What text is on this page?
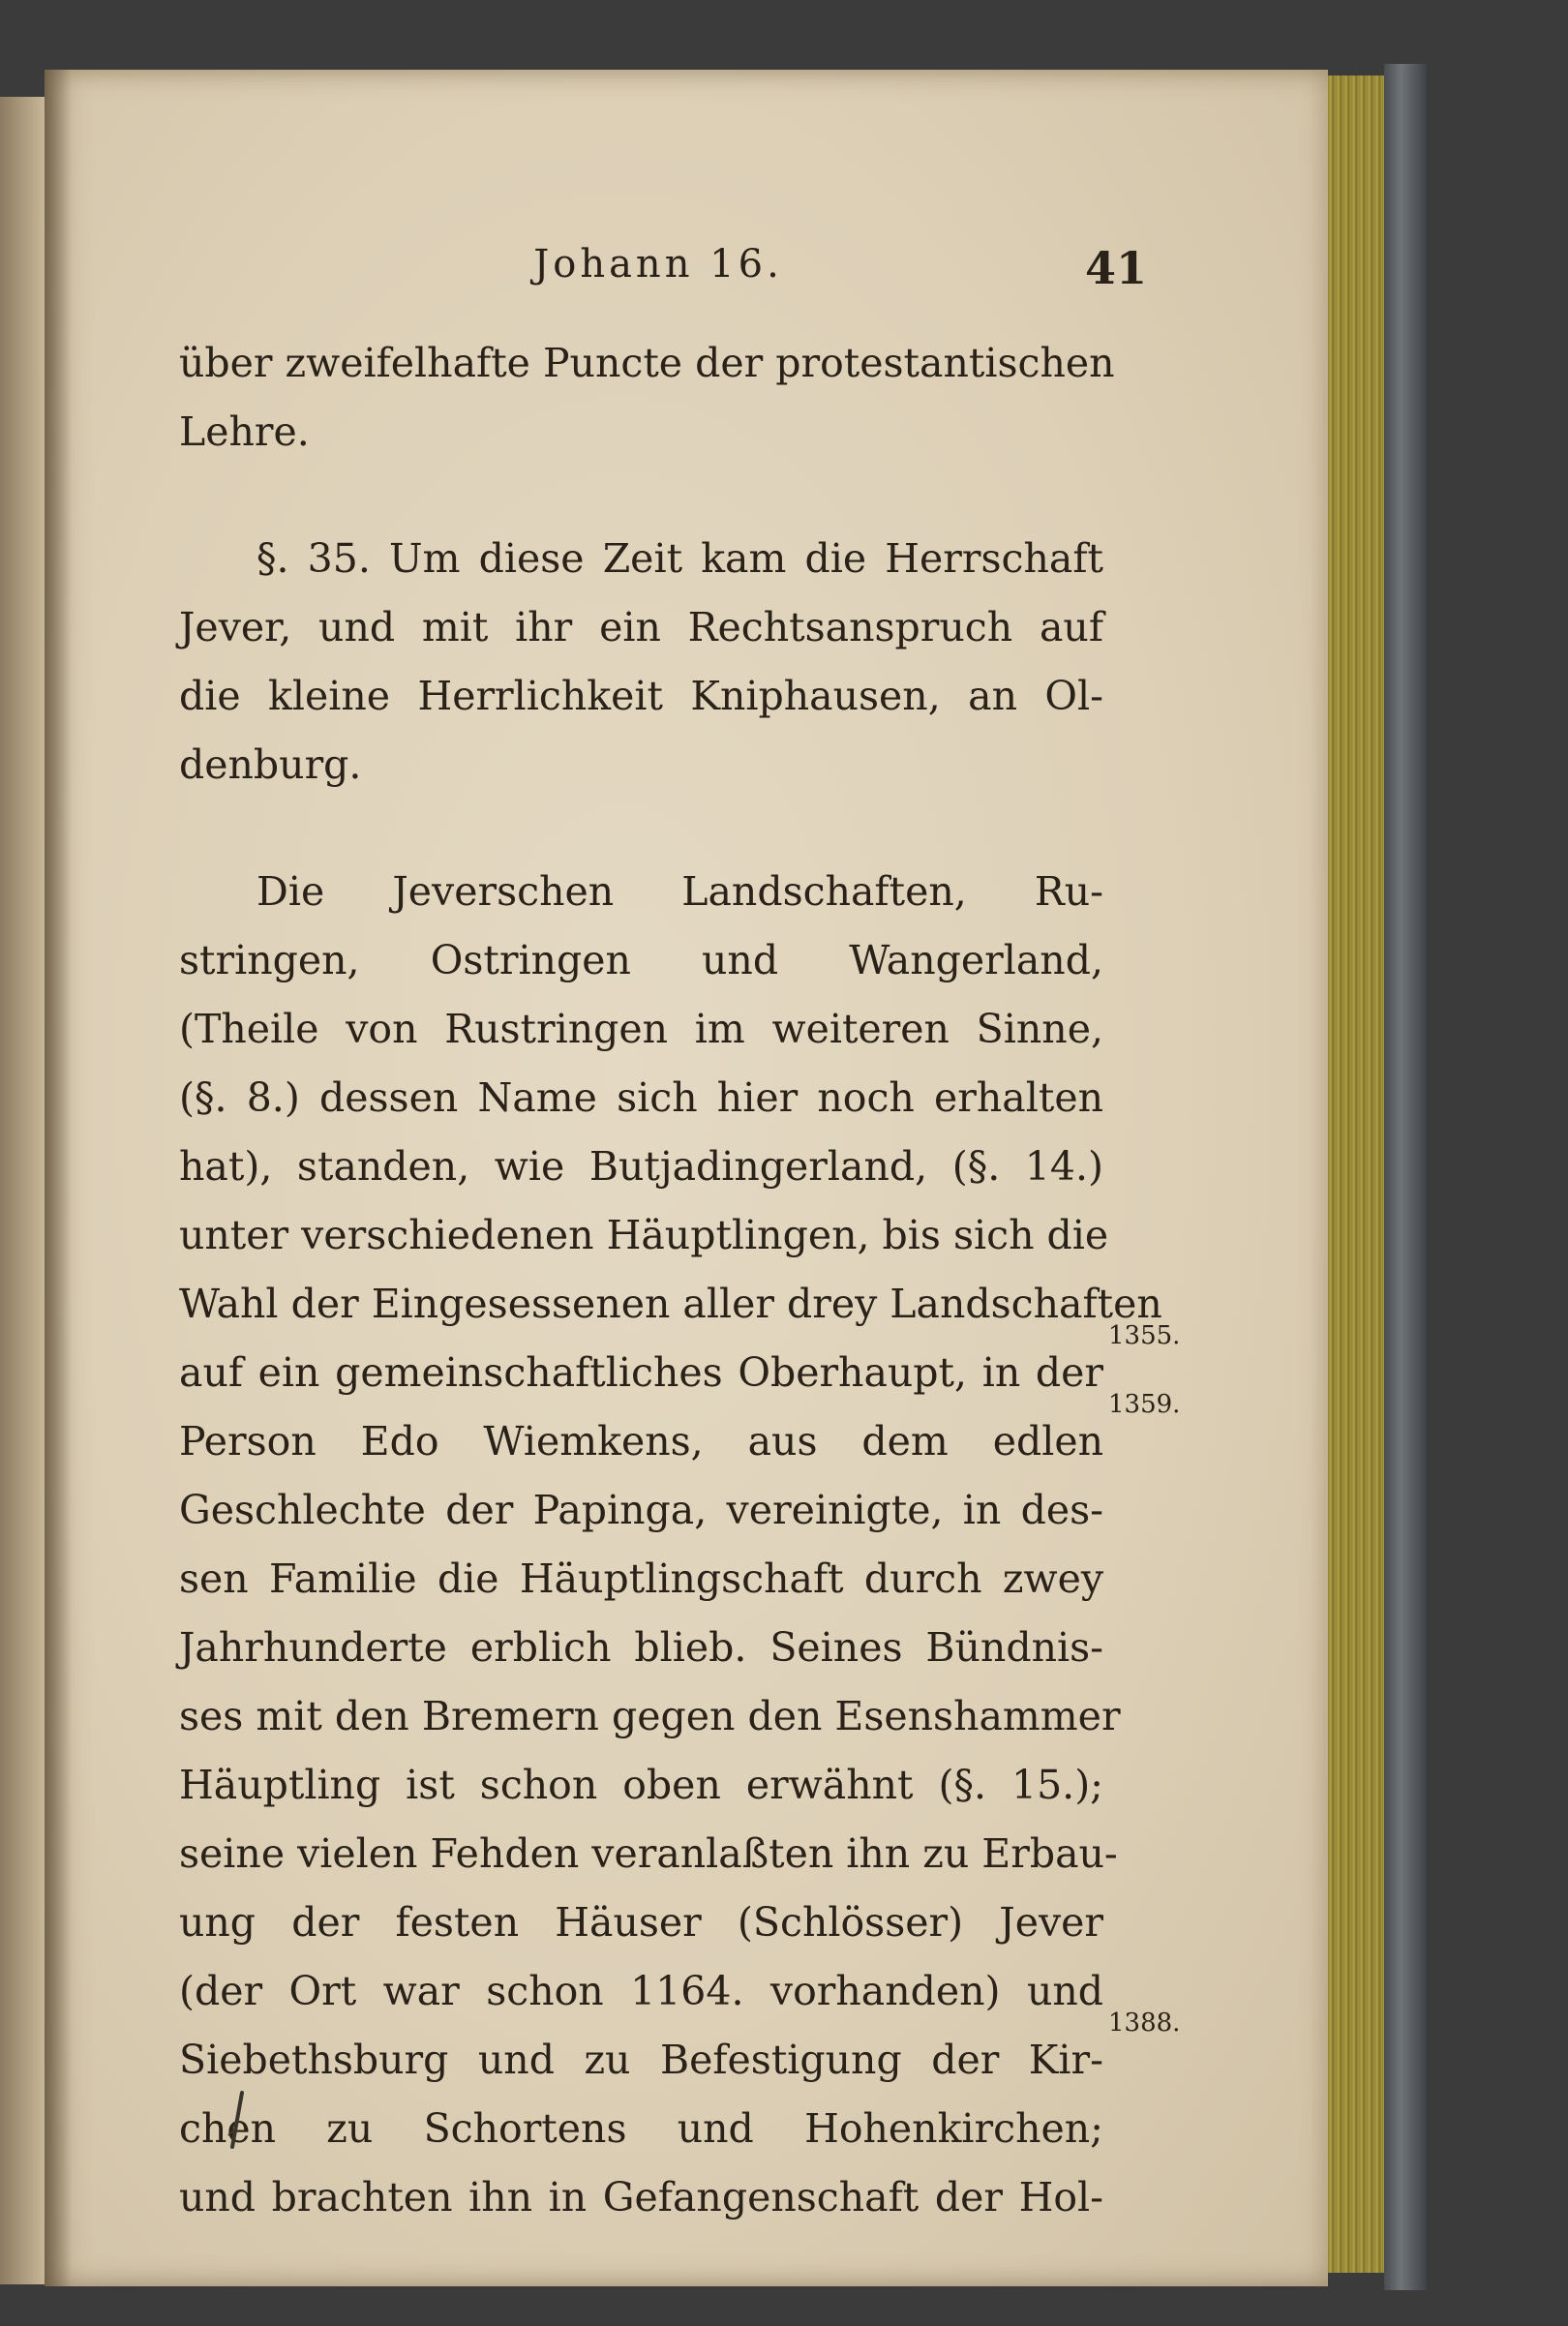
Johann 16.	41
über zweifelhafte Puncte der protestantischen
Lehre.
§. 35. Um diese Zeit kam die Herrschaft
Jever, und mit ihr ein Rechtsanspruch auf
die kleine Herrlichkeit Kniphausen, an Ol-
denburg.
Die Jeverschen Landschaften, Ru-
stringen, Ostringen und Wangerland,
(Theile von Rustringen im weiteren Sinne,
(§. 8.) dessen Name sich hier noch erhalten
hat), standen, wie Butjadingerland, (§. 14.)
unter verschiedenen Häuptlingen, bis sich die
Wahl der Eingesessenen aller drey Landschaften
auf ein gemeinschaftliches Oberhaupt, in der
Person Edo Wiemkens, aus dem edlen
Geschlechte der Papinga, vereinigte, in des-
sen Familie die Häuptlingschaft durch zwey
Jahrhunderte erblich blieb. Seines Bündnis-
ses mit den Bremern gegen den Esenshammer
Häuptling ist schon oben erwähnt (§. 15.);
seine vielen Fehden veranlaßten ihn zu Erbau-
ung der festen Häuser (Schlösser) Jever
(der Ort war schon 1164. vorhanden) und
Siebethsburg und zu Befestigung der Kir-
chen zu Schortens und Hohenkirchen;
und brachten ihn in Gefangenschaft der Hol-
1355.
1359.
1388.
